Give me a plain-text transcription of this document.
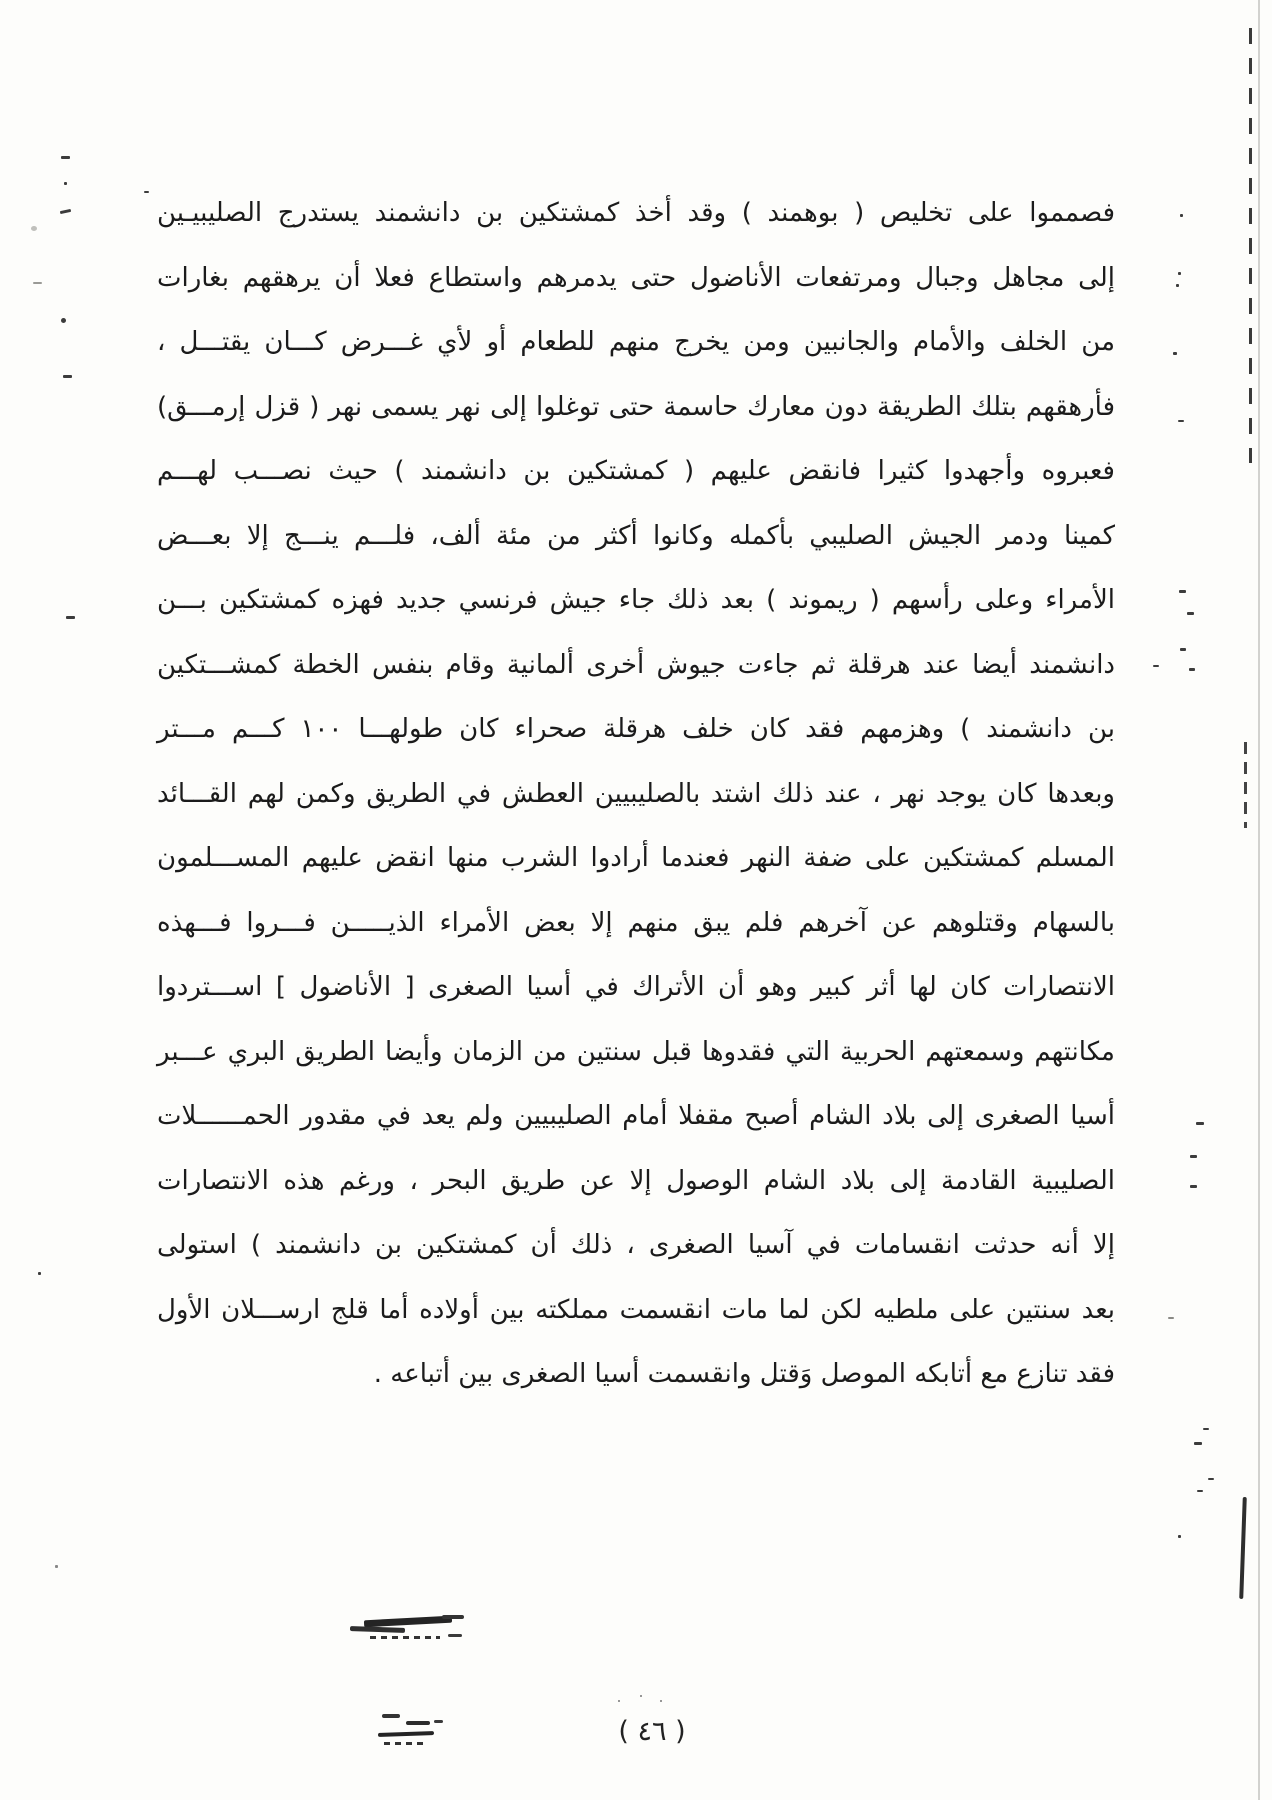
فصمموا على تخليص ( بوهمند ) وقد أخذ كمشتكين بن دانشمند يستدرج الصليبيـين
إلى مجاهل وجبال ومرتفعات الأناضول حتى يدمرهم واستطاع فعلا أن يرهقهم بغارات
من الخلف والأمام والجانبين ومن يخرج منهم للطعام أو لأي غـــرض كـــان يقتـــل ،
فأرهقهم بتلك الطريقة دون معارك حاسمة حتى توغلوا إلى نهر يسمى نهر ( قزل إرمـــق)
فعبروه وأجهدوا كثيرا فانقض عليهم ( كمشتكين بن دانشمند ) حيث نصـــب لهـــم
كمينا ودمر الجيش الصليبي بأكمله وكانوا أكثر من مئة ألف، فلـــم ينـــج إلا بعـــض
الأمراء وعلى رأسهم ( ريموند ) بعد ذلك جاء جيش فرنسي جديد فهزه كمشتكين بـــن
دانشمند أيضا عند هرقلة ثم جاءت جيوش أخرى ألمانية وقام بنفس الخطة كمشـــتكين
بن دانشمند ) وهزمهم فقد كان خلف هرقلة صحراء كان طولهـــا ١٠٠ كـــم مـــتر
وبعدها كان يوجد نهر ، عند ذلك اشتد بالصليبيين العطش في الطريق وكمن لهم القـــائد
المسلم كمشتكين على ضفة النهر فعندما أرادوا الشرب منها انقض عليهم المســـلمون
بالسهام وقتلوهم عن آخرهم فلم يبق منهم إلا بعض الأمراء الذيـــــن فـــروا فـــهذه
الانتصارات كان لها أثر كبير وهو أن الأتراك في أسيا الصغرى [ الأناضول ] اســـتردوا
مكانتهم وسمعتهم الحربية التي فقدوها قبل سنتين من الزمان وأيضا الطريق البري عـــبر
أسيا الصغرى إلى بلاد الشام أصبح مقفلا أمام الصليبيين ولم يعد في مقدور الحمــــــلات
الصليبية القادمة إلى بلاد الشام الوصول إلا عن طريق البحر ، ورغم هذه الانتصارات
إلا أنه حدثت انقسامات في آسيا الصغرى ، ذلك أن كمشتكين بن دانشمند ) استولى
بعد سنتين على ملطيه لكن لما مات انقسمت مملكته بين أولاده أما قلج ارســـلان الأول
فقد تنازع مع أتابكه الموصل وَقتل وانقسمت أسيا الصغرى بين أتباعه .
( ٤٦ )
